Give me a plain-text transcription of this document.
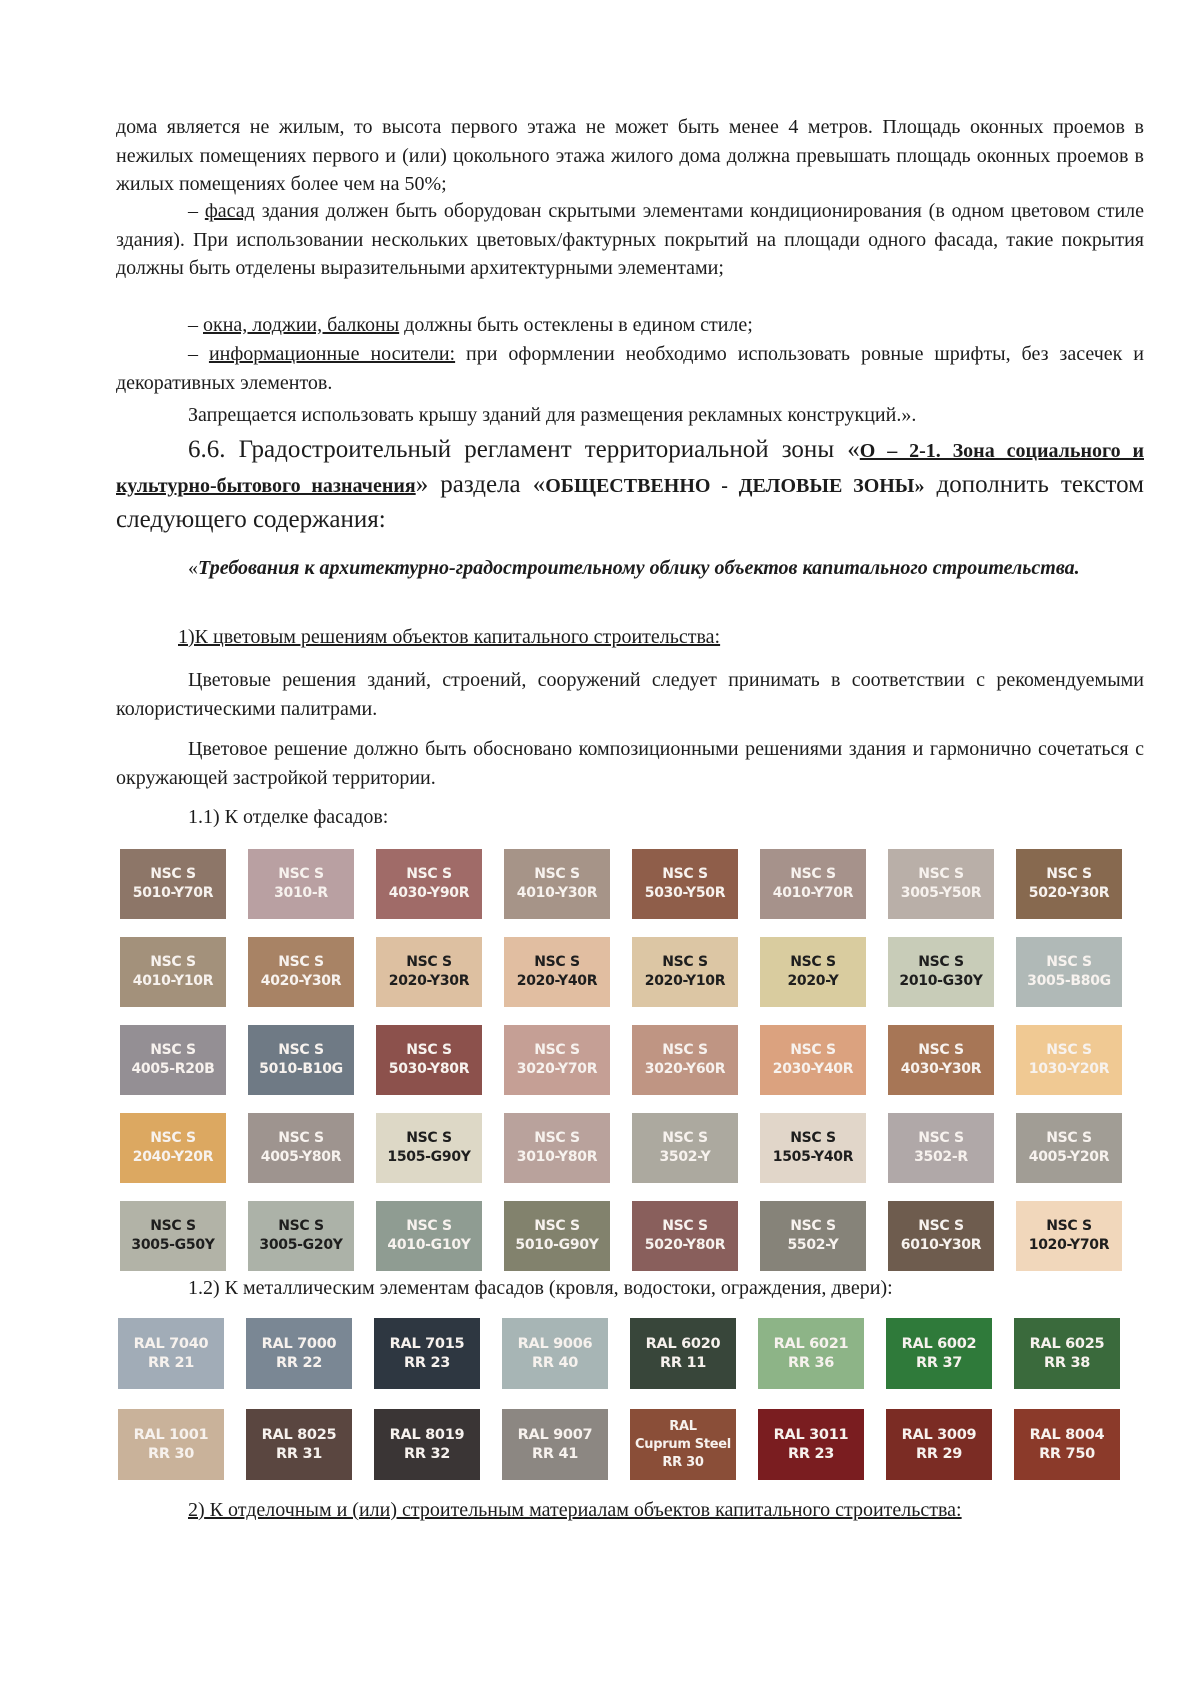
дома является не жилым, то высота первого этажа не может быть менее 4 метров. Площадь оконных проемов в нежилых помещениях первого и (или) цокольного этажа жилого дома должна превышать площадь оконных проемов в жилых помещениях более чем на 50%;

– фасад здания должен быть оборудован скрытыми элементами кондиционирования (в одном цветовом стиле здания). При использовании нескольких цветовых/фактурных покрытий на площади одного фасада, такие покрытия должны быть отделены выразительными архитектурными элементами;

– окна, лоджии, балконы должны быть остеклены в едином стиле;

– информационные носители: при оформлении необходимо использовать ровные шрифты, без засечек и декоративных элементов.

Запрещается использовать крышу зданий для размещения рекламных конструкций.».

6.6. Градостроительный регламент территориальной зоны «О – 2-1. Зона социального и культурно-бытового назначения» раздела «ОБЩЕСТВЕННО - ДЕЛОВЫЕ ЗОНЫ» дополнить текстом следующего содержания:

«Требования к архитектурно-градостроительному облику объектов капитального строительства.

1)К цветовым решениям объектов капитального строительства:

Цветовые решения зданий, строений, сооружений следует принимать в соответствии с рекомендуемыми колористическими палитрами.

Цветовое решение должно быть обосновано композиционными решениями здания и гармонично сочетаться с окружающей застройкой территории.

1.1) К отделке фасадов:

NSC S
5010-Y70R
NSC S
3010-R
NSC S
4030-Y90R
NSC S
4010-Y30R
NSC S
5030-Y50R
NSC S
4010-Y70R
NSC S
3005-Y50R
NSC S
5020-Y30R
NSC S
4010-Y10R
NSC S
4020-Y30R
NSC S
2020-Y30R
NSC S
2020-Y40R
NSC S
2020-Y10R
NSC S
2020-Y
NSC S
2010-G30Y
NSC S
3005-B80G
NSC S
4005-R20B
NSC S
5010-B10G
NSC S
5030-Y80R
NSC S
3020-Y70R
NSC S
3020-Y60R
NSC S
2030-Y40R
NSC S
4030-Y30R
NSC S
1030-Y20R
NSC S
2040-Y20R
NSC S
4005-Y80R
NSC S
1505-G90Y
NSC S
3010-Y80R
NSC S
3502-Y
NSC S
1505-Y40R
NSC S
3502-R
NSC S
4005-Y20R
NSC S
3005-G50Y
NSC S
3005-G20Y
NSC S
4010-G10Y
NSC S
5010-G90Y
NSC S
5020-Y80R
NSC S
5502-Y
NSC S
6010-Y30R
NSC S
1020-Y70R

1.2) К металлическим элементам фасадов (кровля, водостоки, ограждения, двери):

RAL 7040
RR 21
RAL 7000
RR 22
RAL 7015
RR 23
RAL 9006
RR 40
RAL 6020
RR 11
RAL 6021
RR 36
RAL 6002
RR 37
RAL 6025
RR 38
RAL 1001
RR 30
RAL 8025
RR 31
RAL 8019
RR 32
RAL 9007
RR 41
RAL
Cuprum Steel
RR 30
RAL 3011
RR 23
RAL 3009
RR 29
RAL 8004
RR 750

2) К отделочным и (или) строительным материалам объектов капитального строительства:
